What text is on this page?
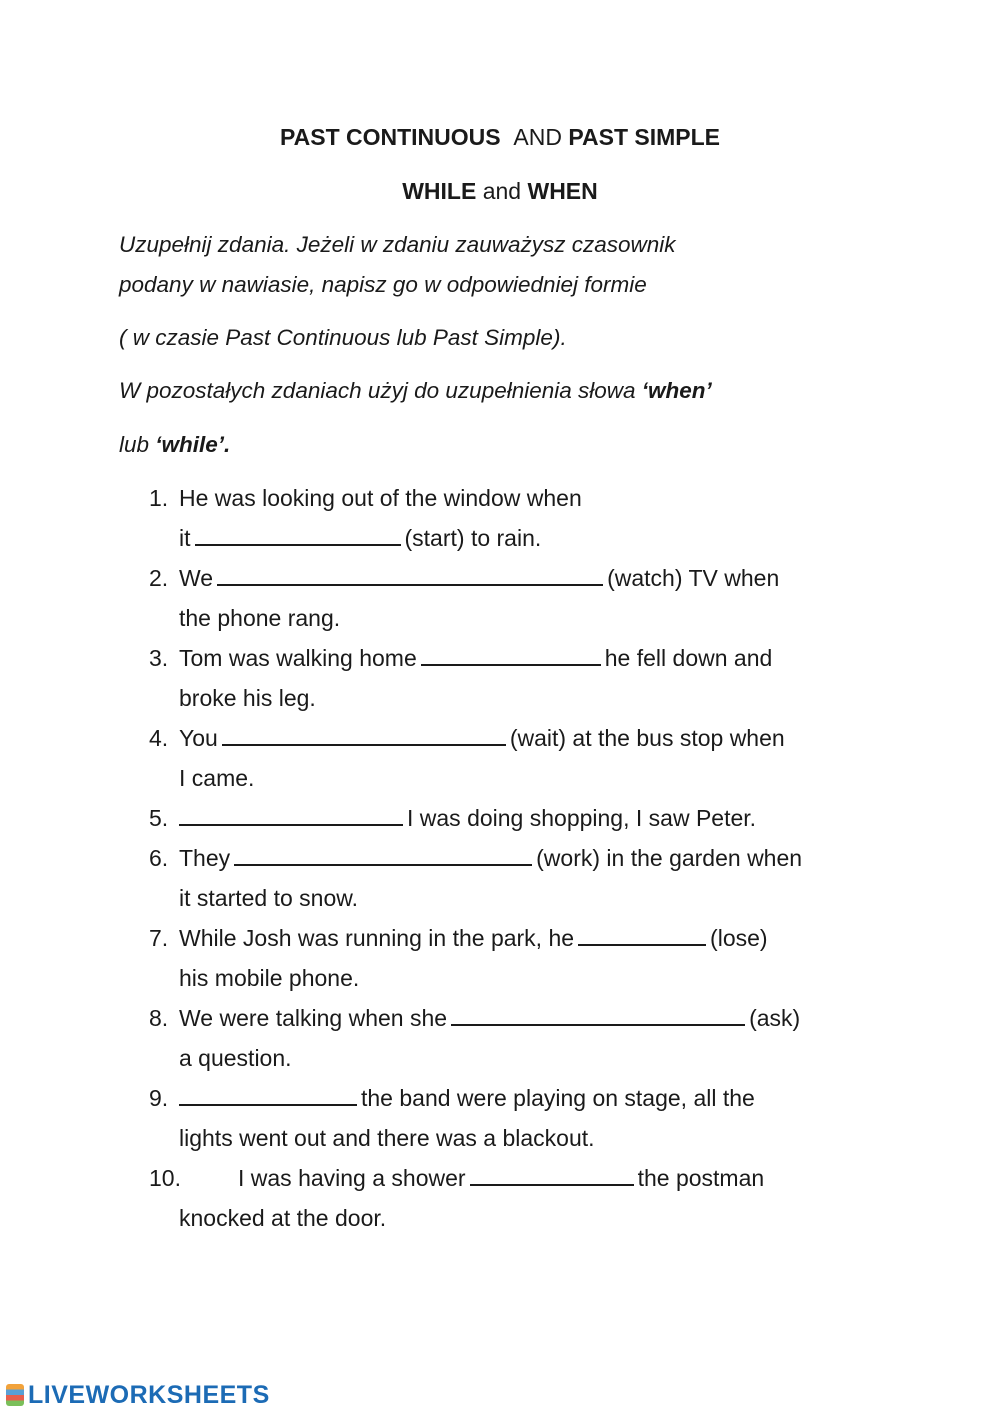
PAST CONTINUOUS AND PAST SIMPLE
WHILE and WHEN
Uzupełnij zdania. Jeżeli w zdaniu zauważysz czasownik
podany w nawiasie, napisz go w odpowiedniej formie
( w czasie Past Continuous lub Past Simple).
W pozostałych zdaniach użyj do uzupełnienia słowa ‘when’
lub ‘while’.
1. He was looking out of the window when
it	(start) to rain.
2. We	(watch) TV when
the phone rang.
3. Tom was walking home	he fell down and
broke his leg.
4. You	(wait) at the bus stop when
I came.
5.	I was doing shopping, I saw Peter.
6. They	(work) in the garden when
it started to snow.
7. While Josh was running in the park, he	(lose)
his mobile phone.
8. We were talking when she	(ask)
a question.
9.	the band were playing on stage, all the
lights went out and there was a blackout.
10.	I was having a shower	the postman
knocked at the door.
LIVEWORKSHEETS
